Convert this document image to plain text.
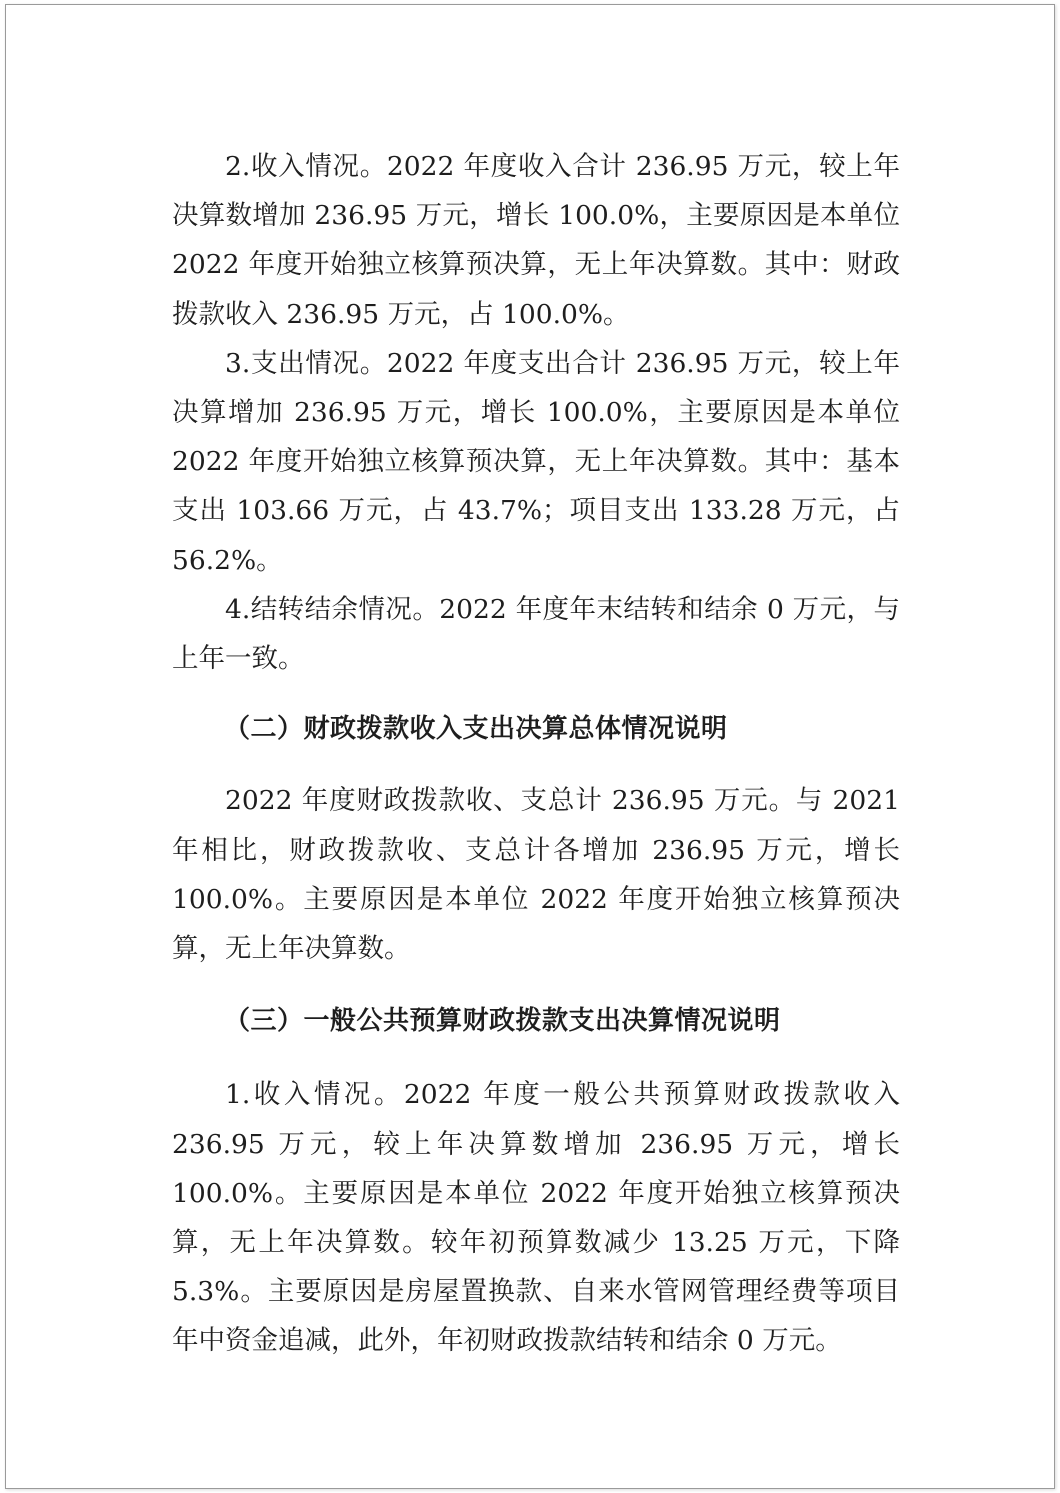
2.收入情况。2022 年度收入合计 236.95 万元，较上年决算数增加 236.95 万元，增长 100.0%，主要原因是本单位 2022 年度开始独立核算预决算，无上年决算数。其中：财政拨款收入 236.95 万元，占 100.0%。

3.支出情况。2022 年度支出合计 236.95 万元，较上年决算增加 236.95 万元，增长 100.0%，主要原因是本单位 2022 年度开始独立核算预决算，无上年决算数。其中：基本支出 103.66 万元，占 43.7%；项目支出 133.28 万元，占 56.2%。

4.结转结余情况。2022 年度年末结转和结余 0 万元，与上年一致。

（二）财政拨款收入支出决算总体情况说明

2022 年度财政拨款收、支总计 236.95 万元。与 2021 年相比，财政拨款收、支总计各增加 236.95 万元，增长 100.0%。主要原因是本单位 2022 年度开始独立核算预决算，无上年决算数。

（三）一般公共预算财政拨款支出决算情况说明

1.收入情况。2022 年度一般公共预算财政拨款收入 236.95 万元，较上年决算数增加 236.95 万元，增长 100.0%。主要原因是本单位 2022 年度开始独立核算预决算，无上年决算数。较年初预算数减少 13.25 万元，下降 5.3%。主要原因是房屋置换款、自来水管网管理经费等项目年中资金追减，此外，年初财政拨款结转和结余 0 万元。
